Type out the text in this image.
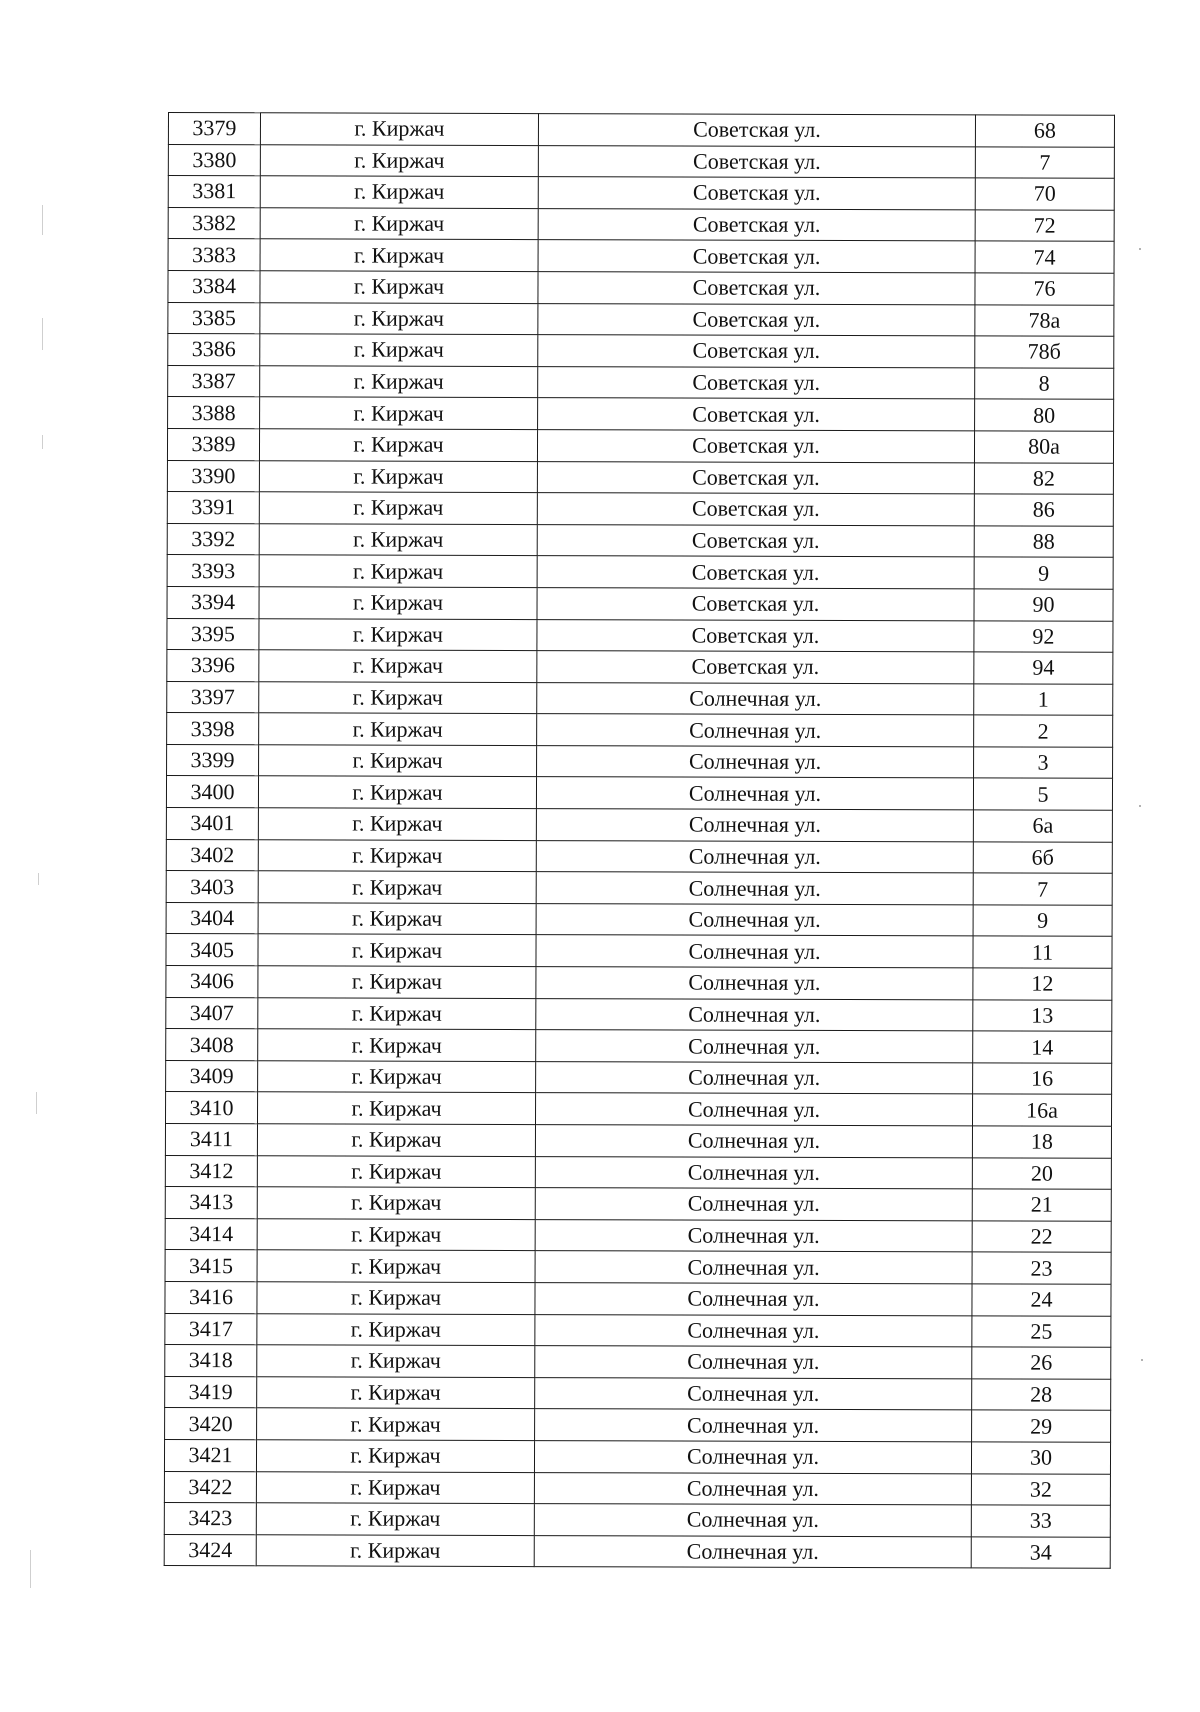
3379	г. Киржач	Советская ул.	68
3380	г. Киржач	Советская ул.	7
3381	г. Киржач	Советская ул.	70
3382	г. Киржач	Советская ул.	72
3383	г. Киржач	Советская ул.	74
3384	г. Киржач	Советская ул.	76
3385	г. Киржач	Советская ул.	78а
3386	г. Киржач	Советская ул.	78б
3387	г. Киржач	Советская ул.	8
3388	г. Киржач	Советская ул.	80
3389	г. Киржач	Советская ул.	80а
3390	г. Киржач	Советская ул.	82
3391	г. Киржач	Советская ул.	86
3392	г. Киржач	Советская ул.	88
3393	г. Киржач	Советская ул.	9
3394	г. Киржач	Советская ул.	90
3395	г. Киржач	Советская ул.	92
3396	г. Киржач	Советская ул.	94
3397	г. Киржач	Солнечная ул.	1
3398	г. Киржач	Солнечная ул.	2
3399	г. Киржач	Солнечная ул.	3
3400	г. Киржач	Солнечная ул.	5
3401	г. Киржач	Солнечная ул.	6а
3402	г. Киржач	Солнечная ул.	6б
3403	г. Киржач	Солнечная ул.	7
3404	г. Киржач	Солнечная ул.	9
3405	г. Киржач	Солнечная ул.	11
3406	г. Киржач	Солнечная ул.	12
3407	г. Киржач	Солнечная ул.	13
3408	г. Киржач	Солнечная ул.	14
3409	г. Киржач	Солнечная ул.	16
3410	г. Киржач	Солнечная ул.	16а
3411	г. Киржач	Солнечная ул.	18
3412	г. Киржач	Солнечная ул.	20
3413	г. Киржач	Солнечная ул.	21
3414	г. Киржач	Солнечная ул.	22
3415	г. Киржач	Солнечная ул.	23
3416	г. Киржач	Солнечная ул.	24
3417	г. Киржач	Солнечная ул.	25
3418	г. Киржач	Солнечная ул.	26
3419	г. Киржач	Солнечная ул.	28
3420	г. Киржач	Солнечная ул.	29
3421	г. Киржач	Солнечная ул.	30
3422	г. Киржач	Солнечная ул.	32
3423	г. Киржач	Солнечная ул.	33
3424	г. Киржач	Солнечная ул.	34
